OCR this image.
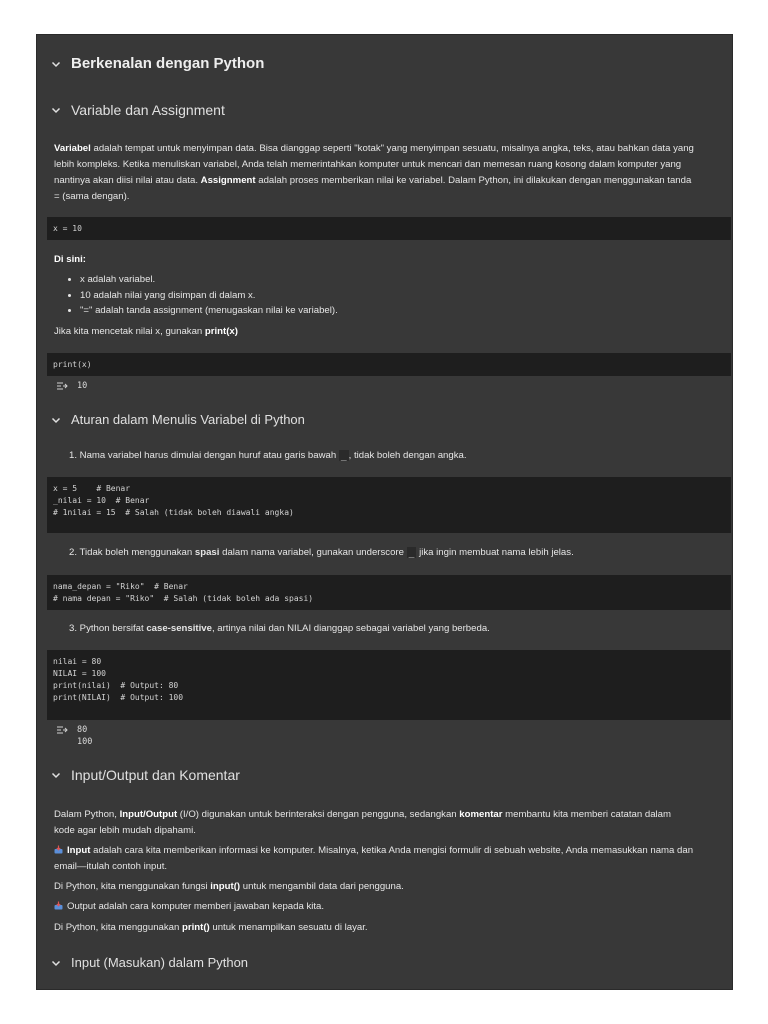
Berkenalan dengan Python
Variable dan Assignment
Variabel adalah tempat untuk menyimpan data. Bisa dianggap seperti "kotak" yang menyimpan sesuatu, misalnya angka, teks, atau bahkan data yang lebih kompleks. Ketika menuliskan variabel, Anda telah memerintahkan komputer untuk mencari dan memesan ruang kosong dalam komputer yang nantinya akan diisi nilai atau data. Assignment adalah proses memberikan nilai ke variabel. Dalam Python, ini dilakukan dengan menggunakan tanda = (sama dengan).
x = 10
Di sini:
• x adalah variabel.
• 10 adalah nilai yang disimpan di dalam x.
• "=" adalah tanda assignment (menugaskan nilai ke variabel).
Jika kita mencetak nilai x, gunakan print(x)
print(x)
10
Aturan dalam Menulis Variabel di Python
1. Nama variabel harus dimulai dengan huruf atau garis bawah _ , tidak boleh dengan angka.
x = 5    # Benar
_nilai = 10  # Benar
# 1nilai = 15  # Salah (tidak boleh diawali angka)
2. Tidak boleh menggunakan spasi dalam nama variabel, gunakan underscore _ jika ingin membuat nama lebih jelas.
nama_depan = "Riko"  # Benar
# nama depan = "Riko"  # Salah (tidak boleh ada spasi)
3. Python bersifat case-sensitive, artinya nilai dan NILAI dianggap sebagai variabel yang berbeda.
nilai = 80
NILAI = 100
print(nilai)  # Output: 80
print(NILAI)  # Output: 100
80
100
Input/Output dan Komentar
Dalam Python, Input/Output (I/O) digunakan untuk berinteraksi dengan pengguna, sedangkan komentar membantu kita memberi catatan dalam kode agar lebih mudah dipahami.
Input adalah cara kita memberikan informasi ke komputer. Misalnya, ketika Anda mengisi formulir di sebuah website, Anda memasukkan nama dan email—itulah contoh input.
Di Python, kita menggunakan fungsi input() untuk mengambil data dari pengguna.
Output adalah cara komputer memberi jawaban kepada kita.
Di Python, kita menggunakan print() untuk menampilkan sesuatu di layar.
Input (Masukan) dalam Python
